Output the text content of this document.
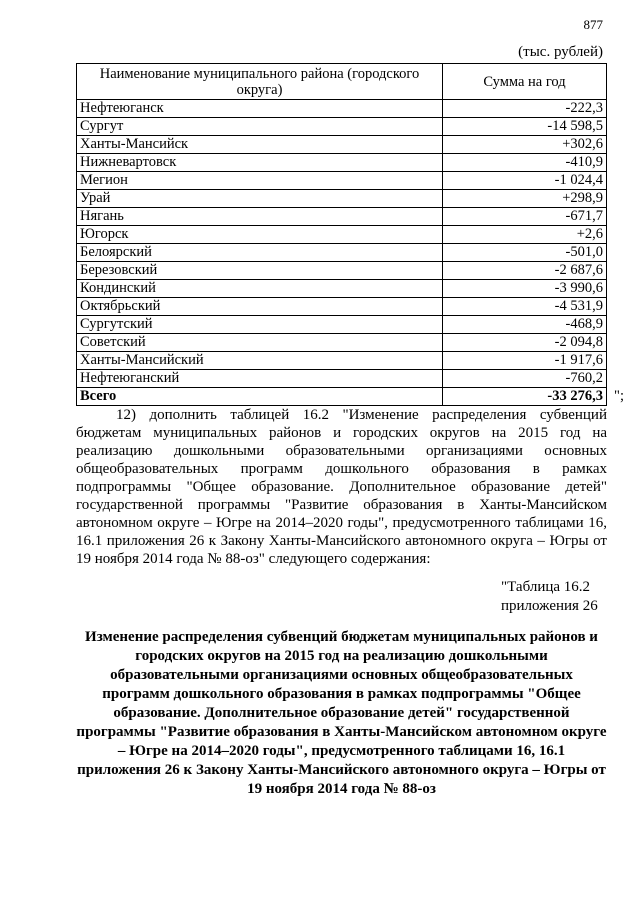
877
(тыс. рублей)
Наименование муниципального района (городского округа)	Сумма на год
Нефтеюганск	-222,3
Сургут	-14 598,5
Ханты-Мансийск	+302,6
Нижневартовск	-410,9
Мегион	-1 024,4
Урай	+298,9
Нягань	-671,7
Югорск	+2,6
Белоярский	-501,0
Березовский	-2 687,6
Кондинский	-3 990,6
Октябрьский	-4 531,9
Сургутский	-468,9
Советский	-2 094,8
Ханты-Мансийский	-1 917,6
Нефтеюганский	-760,2
Всего	-33 276,3 ";
12) дополнить таблицей 16.2 "Изменение распределения субвенций бюджетам муниципальных районов и городских округов на 2015 год на реализацию дошкольными образовательными организациями основных общеобразовательных программ дошкольного образования в рамках подпрограммы "Общее образование. Дополнительное образование детей" государственной программы "Развитие образования в Ханты-Мансийском автономном округе – Югре на 2014–2020 годы", предусмотренного таблицами 16, 16.1 приложения 26 к Закону Ханты-Мансийского автономного округа – Югры от 19 ноября 2014 года № 88-оз" следующего содержания:
"Таблица 16.2
приложения 26
Изменение распределения субвенций бюджетам муниципальных районов и городских округов на 2015 год на реализацию дошкольными образовательными организациями основных общеобразовательных программ дошкольного образования в рамках подпрограммы "Общее образование. Дополнительное образование детей" государственной программы "Развитие образования в Ханты-Мансийском автономном округе – Югре на 2014–2020 годы", предусмотренного таблицами 16, 16.1 приложения 26 к Закону Ханты-Мансийского автономного округа – Югры от 19 ноября 2014 года № 88-оз
